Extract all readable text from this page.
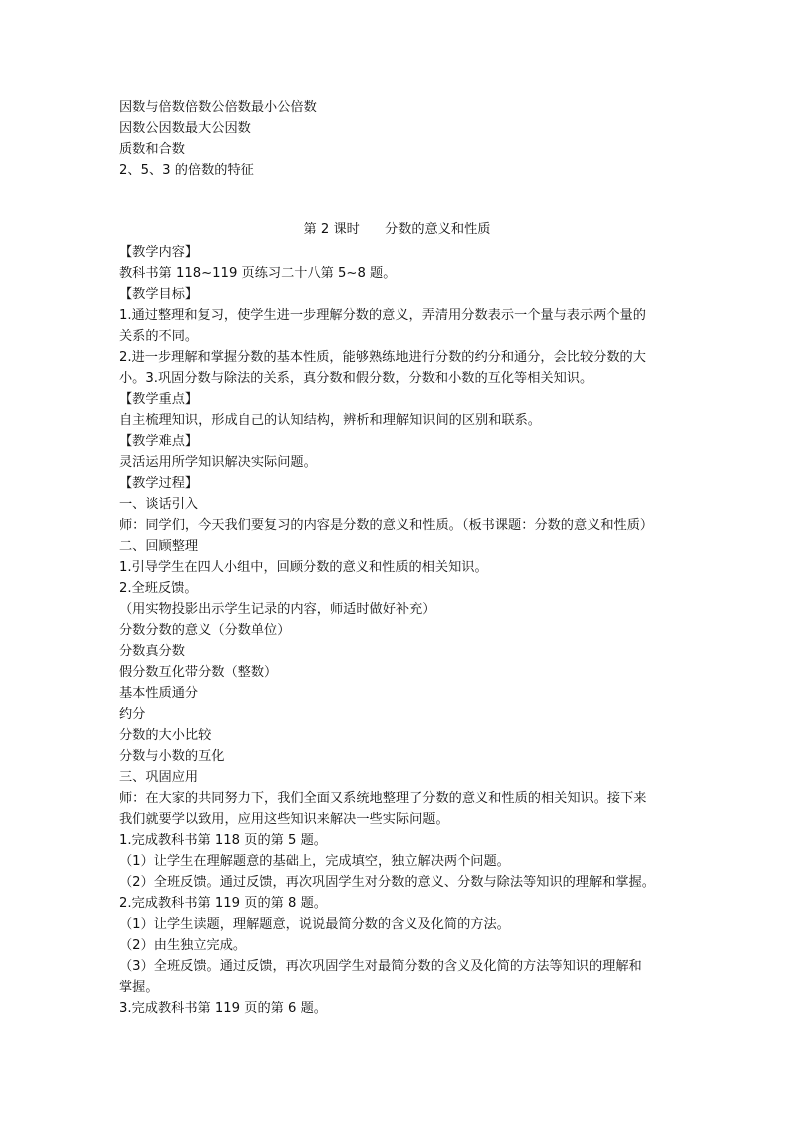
因数与倍数倍数公倍数最小公倍数
因数公因数最大公因数
质数和合数
2、5、3 的倍数的特征
第 2 课时      分数的意义和性质
【教学内容】
教科书第 118~119 页练习二十八第 5~8 题。
【教学目标】
1.通过整理和复习，使学生进一步理解分数的意义，弄清用分数表示一个量与表示两个量的
关系的不同。
2.进一步理解和掌握分数的基本性质，能够熟练地进行分数的约分和通分，会比较分数的大
小。3.巩固分数与除法的关系，真分数和假分数，分数和小数的互化等相关知识。
【教学重点】
自主梳理知识，形成自己的认知结构，辨析和理解知识间的区别和联系。
【教学难点】
灵活运用所学知识解决实际问题。
【教学过程】
一、谈话引入
师：同学们，今天我们要复习的内容是分数的意义和性质。（板书课题：分数的意义和性质）
二、回顾整理
1.引导学生在四人小组中，回顾分数的意义和性质的相关知识。
2.全班反馈。
（用实物投影出示学生记录的内容，师适时做好补充）
分数分数的意义（分数单位）
分数真分数
假分数互化带分数（整数）
基本性质通分
约分
分数的大小比较
分数与小数的互化
三、巩固应用
师：在大家的共同努力下，我们全面又系统地整理了分数的意义和性质的相关知识。接下来
我们就要学以致用，应用这些知识来解决一些实际问题。
1.完成教科书第 118 页的第 5 题。
（1）让学生在理解题意的基础上，完成填空，独立解决两个问题。
（2）全班反馈。通过反馈，再次巩固学生对分数的意义、分数与除法等知识的理解和掌握。
2.完成教科书第 119 页的第 8 题。
（1）让学生读题，理解题意，说说最简分数的含义及化简的方法。
（2）由生独立完成。
（3）全班反馈。通过反馈，再次巩固学生对最简分数的含义及化简的方法等知识的理解和
掌握。
3.完成教科书第 119 页的第 6 题。
